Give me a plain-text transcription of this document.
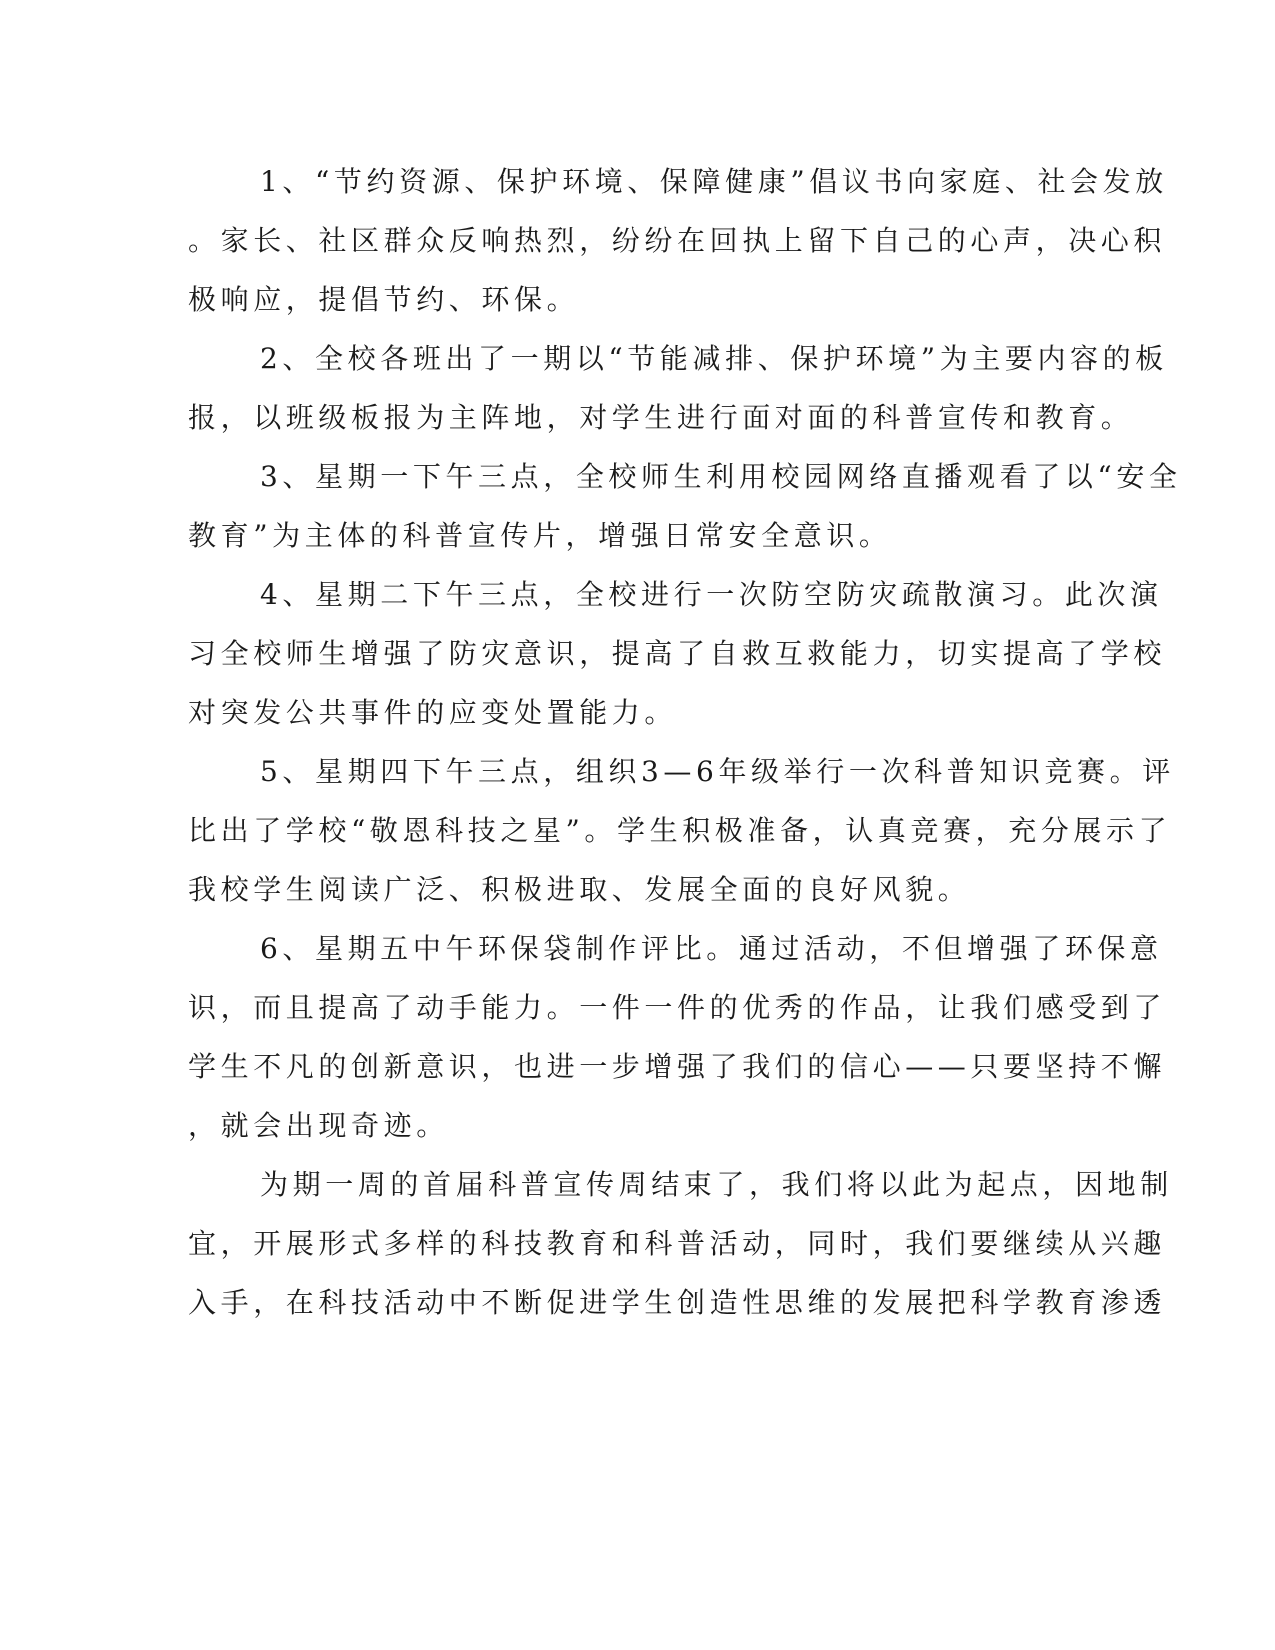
1、“节约资源、保护环境、保障健康”倡议书向家庭、社会发放
。家长、社区群众反响热烈，纷纷在回执上留下自己的心声，决心积
极响应，提倡节约、环保。
2、全校各班出了一期以“节能减排、保护环境”为主要内容的板
报，以班级板报为主阵地，对学生进行面对面的科普宣传和教育。
3、星期一下午三点，全校师生利用校园网络直播观看了以“安全
教育”为主体的科普宣传片，增强日常安全意识。
4、星期二下午三点，全校进行一次防空防灾疏散演习。此次演
习全校师生增强了防灾意识，提高了自救互救能力，切实提高了学校
对突发公共事件的应变处置能力。
5、星期四下午三点，组织3—6年级举行一次科普知识竞赛。评
比出了学校“敬恩科技之星”。学生积极准备，认真竞赛，充分展示了
我校学生阅读广泛、积极进取、发展全面的良好风貌。
6、星期五中午环保袋制作评比。通过活动，不但增强了环保意
识，而且提高了动手能力。一件一件的优秀的作品，让我们感受到了
学生不凡的创新意识，也进一步增强了我们的信心——只要坚持不懈
，就会出现奇迹。
为期一周的首届科普宣传周结束了，我们将以此为起点，因地制
宜，开展形式多样的科技教育和科普活动，同时，我们要继续从兴趣
入手，在科技活动中不断促进学生创造性思维的发展把科学教育渗透
